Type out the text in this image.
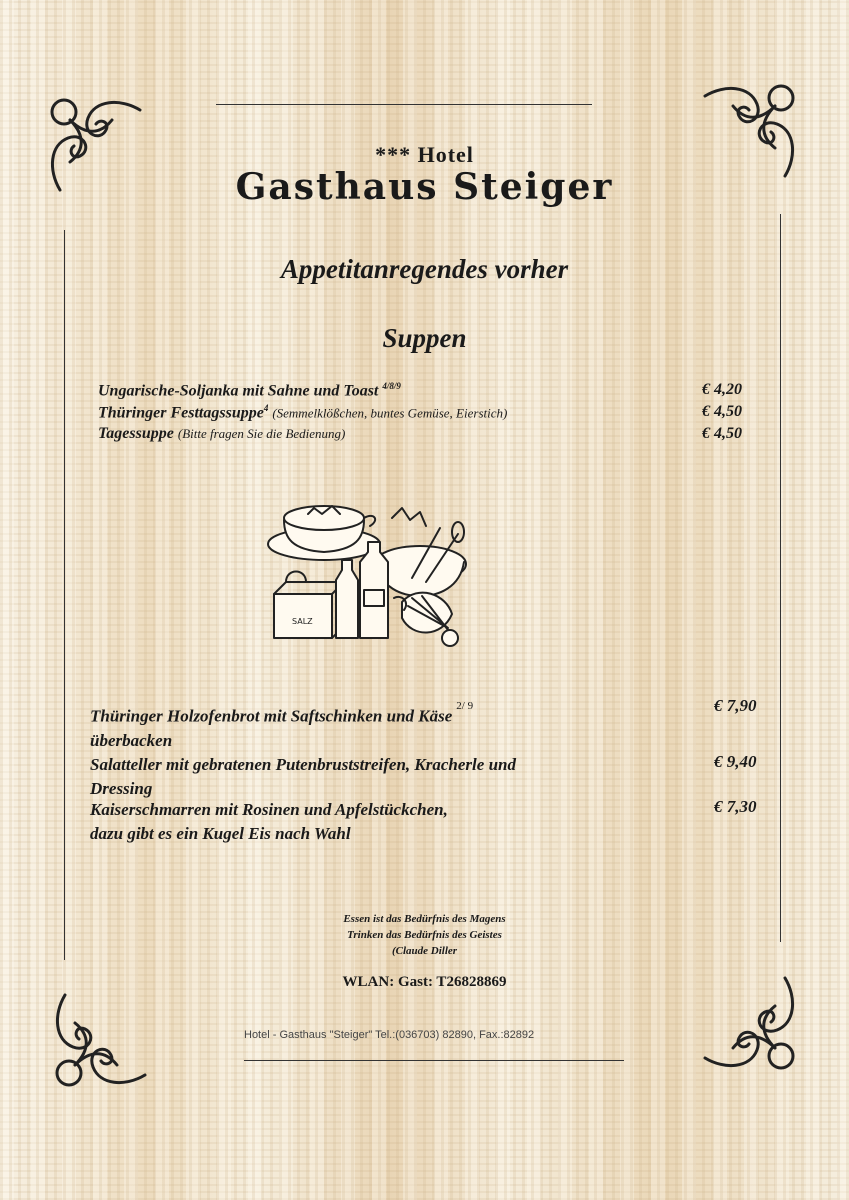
*** Hotel
Gasthaus Steiger
Appetitanregendes vorher
Suppen
Ungarische-Soljanka mit Sahne und Toast $^{4/8/9}$	€ 4,20
Thüringer Festtagssuppe$^4$ (Semmelklößchen, buntes Gemüse, Eierstich)	€ 4,50
Tagessuppe (Bitte fragen Sie die Bedienung)	€ 4,50
SALZ
Thüringer Holzofenbrot mit Saftschinken und Käse$^{2/ 9}$
überbacken
€ 7,90
Salatteller mit gebratenen Putenbruststreifen, Kracherle und
Dressing
€ 9,40
Kaiserschmarren mit Rosinen und Apfelstückchen,
dazu gibt es ein Kugel Eis nach Wahl
€ 7,30
Essen ist das Bedürfnis des Magens
Trinken das Bedürfnis des Geistes
(Claude Diller
WLAN: Gast: T26828869
Hotel - Gasthaus "Steiger" Tel.:(036703) 82890, Fax.:82892
